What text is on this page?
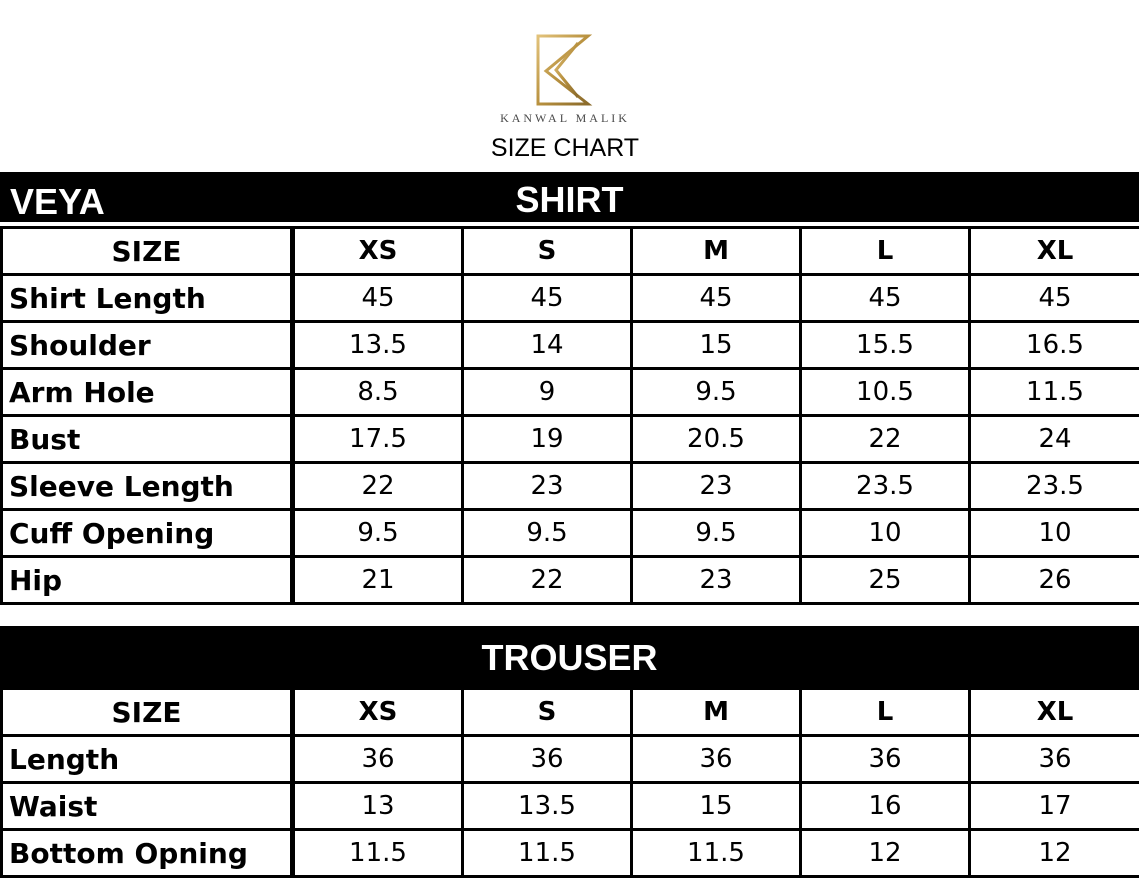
KANWAL MALIK
SIZE CHART
VEYA	SHIRT
SIZE	XS	S	M	L	XL
Shirt Length	45	45	45	45	45
Shoulder	13.5	14	15	15.5	16.5
Arm Hole	8.5	9	9.5	10.5	11.5
Bust	17.5	19	20.5	22	24
Sleeve Length	22	23	23	23.5	23.5
Cuff Opening	9.5	9.5	9.5	10	10
Hip	21	22	23	25	26
TROUSER
SIZE	XS	S	M	L	XL
Length	36	36	36	36	36
Waist	13	13.5	15	16	17
Bottom Opning	11.5	11.5	11.5	12	12
